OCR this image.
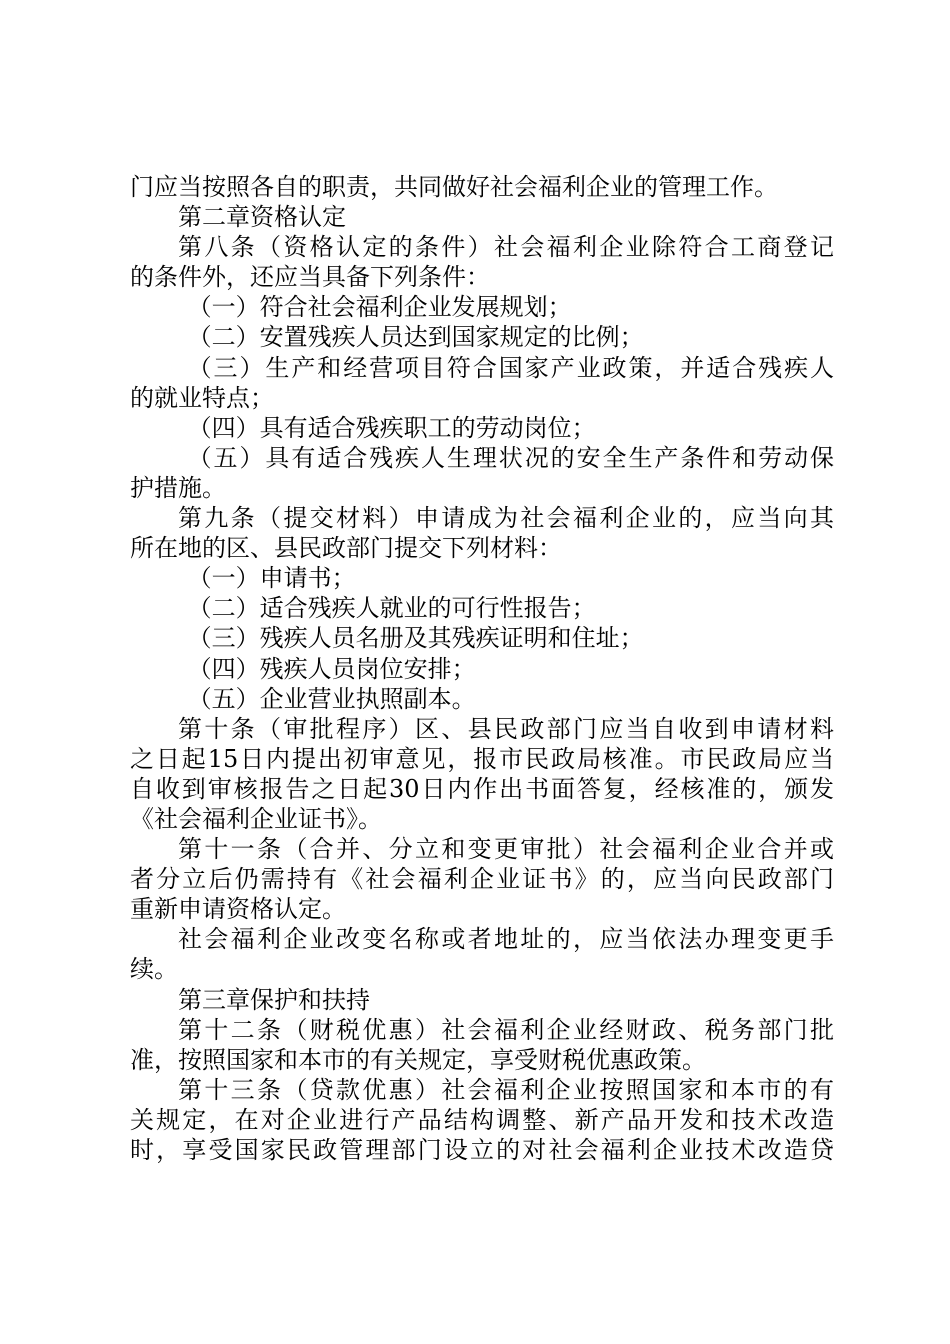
门应当按照各自的职责，共同做好社会福利企业的管理工作。
第二章资格认定
第八条（资格认定的条件）社会福利企业除符合工商登记
的条件外，还应当具备下列条件：
（一）符合社会福利企业发展规划；
（二）安置残疾人员达到国家规定的比例；
（三）生产和经营项目符合国家产业政策，并适合残疾人
的就业特点；
（四）具有适合残疾职工的劳动岗位；
（五）具有适合残疾人生理状况的安全生产条件和劳动保
护措施。
第九条（提交材料）申请成为社会福利企业的，应当向其
所在地的区、县民政部门提交下列材料：
（一）申请书；
（二）适合残疾人就业的可行性报告；
（三）残疾人员名册及其残疾证明和住址；
（四）残疾人员岗位安排；
（五）企业营业执照副本。
第十条（审批程序）区、县民政部门应当自收到申请材料
之日起15日内提出初审意见，报市民政局核准。市民政局应当
自收到审核报告之日起30日内作出书面答复，经核准的，颁发
《社会福利企业证书》。
第十一条（合并、分立和变更审批）社会福利企业合并或
者分立后仍需持有《社会福利企业证书》的，应当向民政部门
重新申请资格认定。
社会福利企业改变名称或者地址的，应当依法办理变更手
续。
第三章保护和扶持
第十二条（财税优惠）社会福利企业经财政、税务部门批
准，按照国家和本市的有关规定，享受财税优惠政策。
第十三条（贷款优惠）社会福利企业按照国家和本市的有
关规定，在对企业进行产品结构调整、新产品开发和技术改造
时，享受国家民政管理部门设立的对社会福利企业技术改造贷
